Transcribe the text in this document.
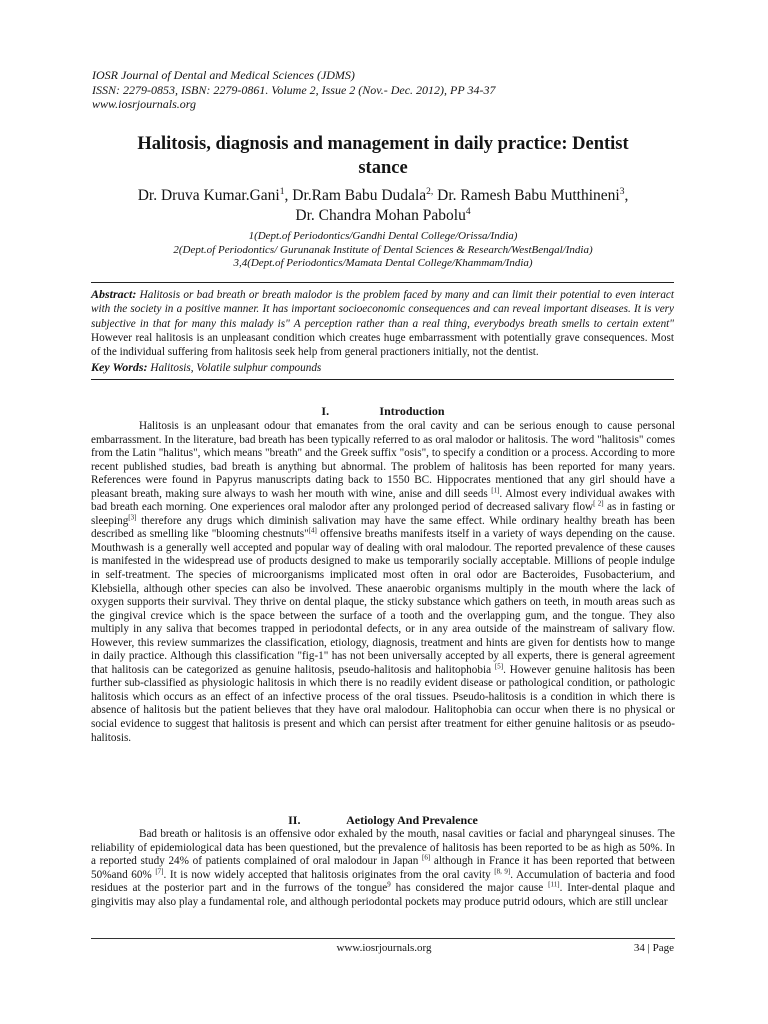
IOSR Journal of Dental and Medical Sciences (JDMS)
ISSN: 2279-0853, ISBN: 2279-0861. Volume 2, Issue 2 (Nov.- Dec. 2012), PP 34-37
www.iosrjournals.org
Halitosis, diagnosis and management in daily practice: Dentist
stance
Dr. Druva Kumar.Gani$^1$, Dr.Ram Babu Dudala$^{2,}$ Dr. Ramesh Babu Mutthineni$^3$,
Dr. Chandra Mohan Pabolu$^4$
1(Dept.of Periodontics/Gandhi Dental College/Orissa/India)
2(Dept.of Periodontics/ Gurunanak Institute of Dental Sciences & Research/WestBengal/India)
3,4(Dept.of Periodontics/Mamata Dental College/Khammam/India)
Abstract: Halitosis or bad breath or breath malodor is the problem faced by many and can limit their potential to even interact with the society in a positive manner. It has important socioeconomic consequences and can reveal important diseases. It is very subjective in that for many this malady is" A perception rather than a real thing, everybodys breath smells to certain extent" However real halitosis is an unpleasant condition which creates huge embarrassment with potentially grave consequences. Most of the individual suffering from halitosis seek help from general practioners initially, not the dentist.
Key Words: Halitosis, Volatile sulphur compounds
I.	Introduction

Halitosis is an unpleasant odour that emanates from the oral cavity and can be serious enough to cause personal embarrassment. In the literature, bad breath has been typically referred to as oral malodor or halitosis. The word "halitosis" comes from the Latin "halitus", which means "breath" and the Greek suffix "osis", to specify a condition or a process. According to more recent published studies, bad breath is anything but abnormal. The problem of halitosis has been reported for many years. References were found in Papyrus manuscripts dating back to 1550 BC. Hippocrates mentioned that any girl should have a pleasant breath, making sure always to wash her mouth with wine, anise and dill seeds [1]. Almost every individual awakes with bad breath each morning. One experiences oral malodor after any prolonged period of decreased salivary flow[ 2] as in fasting or sleeping[3] therefore any drugs which diminish salivation may have the same effect. While ordinary healthy breath has been described as smelling like "blooming chestnuts"[4] offensive breaths manifests itself in a variety of ways depending on the cause. Mouthwash is a generally well accepted and popular way of dealing with oral malodour. The reported prevalence of these causes is manifested in the widespread use of products designed to make us temporarily socially acceptable. Millions of people indulge in self-treatment. The species of microorganisms implicated most often in oral odor are Bacteroides, Fusobacterium, and Klebsiella, although other species can also be involved. These anaerobic organisms multiply in the mouth where the lack of oxygen supports their survival. They thrive on dental plaque, the sticky substance which gathers on teeth, in mouth areas such as the gingival crevice which is the space between the surface of a tooth and the overlapping gum, and the tongue. They also multiply in any saliva that becomes trapped in periodontal defects, or in any area outside of the mainstream of salivary flow. However, this review summarizes the classification, etiology, diagnosis, treatment and hints are given for dentists how to mange in daily practice. Although this classification "fig-1" has not been universally accepted by all experts, there is general agreement that halitosis can be categorized as genuine halitosis, pseudo-halitosis and halitophobia [5]. However genuine halitosis has been further sub-classified as physiologic halitosis in which there is no readily evident disease or pathological condition, or pathologic halitosis which occurs as an effect of an infective process of the oral tissues. Pseudo-halitosis is a condition in which there is absence of halitosis but the patient believes that they have oral malodour. Halitophobia can occur when there is no physical or social evidence to suggest that halitosis is present and which can persist after treatment for either genuine halitosis or as pseudo-halitosis.

II.	Aetiology And Prevalence

Bad breath or halitosis is an offensive odor exhaled by the mouth, nasal cavities or facial and pharyngeal sinuses. The reliability of epidemiological data has been questioned, but the prevalence of halitosis has been reported to be as high as 50%. In a reported study 24% of patients complained of oral malodour in Japan [6] although in France it has been reported that between 50%and 60% [7]. It is now widely accepted that halitosis originates from the oral cavity [8, 9]. Accumulation of bacteria and food residues at the posterior part and in the furrows of the tongue$^9$ has considered the major cause [11]. Inter-dental plaque and gingivitis may also play a fundamental role, and although periodontal pockets may produce putrid odours, which are still unclear

www.iosrjournals.org	34 | Page
